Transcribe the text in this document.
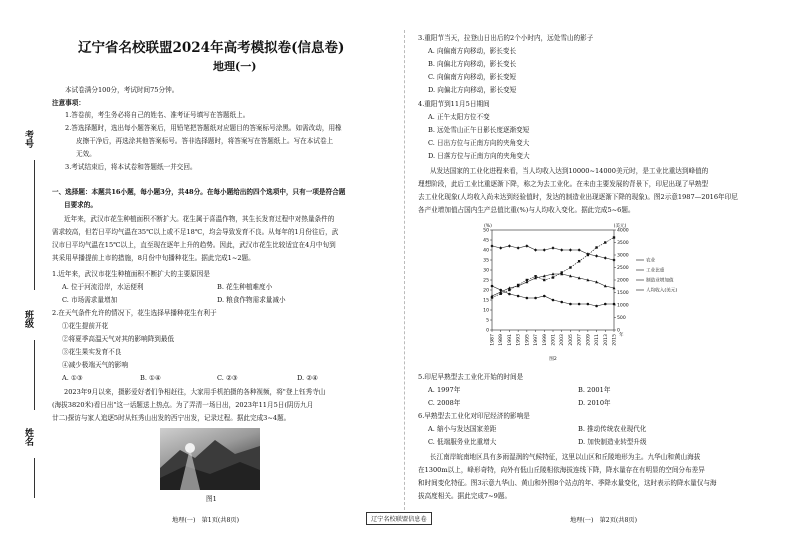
考号
班级
姓名
辽宁省名校联盟2024年高考模拟卷(信息卷)
地理(一)
本试卷满分100分，考试时间75分钟。
注意事项：
1.答卷前，考生务必将自己的姓名、准考证号填写在答题纸上。
2.答选择题时，选出每小题答案后，用铅笔把答题纸对应题目的答案标号涂黑。如需改动，用橡
皮擦干净后，再选涂其他答案标号。答非选择题时，将答案写在答题纸上。写在本试卷上
无效。
3.考试结束后，将本试卷和答题纸一并交回。
一、选择题：本题共16小题，每小题3分，共48分。在每小题给出的四个选项中，只有一项是符合题
目要求的。
近年来，武汉市花生种植面积不断扩大。花生属于喜温作物，其生长发育过程中对热量条件的
需求较高，但若日平均气温在35℃以上或不足18℃，均会导致发育不良。从每年的1月份往后，武
汉市日平均气温在15℃以上，直至现在逐年上升的趋势。因此，武汉市花生比较适宜在4月中旬到
其采用早播提前上市的措施，8月份中旬播种花生。据此完成1~2题。
1.近年来，武汉市花生种植面积不断扩大的主要原因是
A. 位于河流沿岸，水运便利	B. 花生种植难度小
C. 市场需求量增加	D. 粮食作物需求量减小
2.在天气条件允许的情况下，花生选择早播种花生有利于
①花生提前开花
②将夏季高温天气对其的影响降到最低
③花生果实发育不良
④减少极端天气的影响
A. ①③	B. ①④	C. ②③	D. ②④
2023年9月以来，摄影爱好者们争相赶往，大家用手机拍摄的各种视频，将"登上钰秀寺山
(海拔3820米)看日出"这一话题送上热点。为了弄清一场日出，2023年11月5日(阴历九月
廿二)探访与家人追逐5时从钰秀山出发的西宁出发，记录过程。据此完成3~4题。
图1
地理(一)　第1页(共8页)	辽宁名校联盟信息卷	地理(一)　第2页(共8页)
3.重阳节当天，拉登山日出后的2个小时内，远处雪山的影子
A. 向偏南方向移动，影长变长
B. 向偏北方向移动，影长变长
C. 向偏南方向移动，影长变短
D. 向偏北方向移动，影长变短
4.重阳节到11月5日期间
A. 正午太阳方位不变
B. 远处雪山正午日影长度逐渐变短
C. 日出方位与正南方向的夹角变大
D. 日落方位与正南方向的夹角变大
从发达国家的工业化进程来看，当人均收入达到10000~14000美元时，是工业比重达到峰值的
理想阶段，此后工业比重逐渐下降，称之为去工业化。在未由主要发展的背景下，印尼出现了早熟型
去工业化现象(人均收入尚未达到经验值时，发达的制造业出现逐渐下降的现象)。图2示意1987—2016年印尼
各产业增加值占国内生产总值比重(%)与人均收入变化。据此完成5~6题。
0
5
10
15
20
25
30
35
40
45
50
0
500
1000
1500
2000
2500
3000
3500
4000
(%)	(美元)
1987 1989 1991 1993 1995 1997 1999 2001 2003 2005 2007 2009 2011 2013 2015 年
农业
工业比重
制造业增加值
人均收入(美元)
图2
5.印尼早熟型去工业化开始的时间是
A. 1997年	B. 2001年
C. 2008年	D. 2010年
6.早熟型去工业化对印尼经济的影响是
A. 缩小与发达国家差距	B. 推动传统农业现代化
C. 低端服务业比重增大	D. 加快制造业转型升级
长江南岸皖南地区具有多雨湿润的气候特征，这里以山区和丘陵地形为主。九华山和黄山海拔
在1300m以上，峰形奇特，向外有低山丘陵相依海拔连线下降，降水量存在有明显的空间分布差异
和时间变化特征。图3示意九华山、黄山和外围8个站点的年、季降水量变化，这时表示的降水量仅与海
拔高度相关。据此完成7~9题。
